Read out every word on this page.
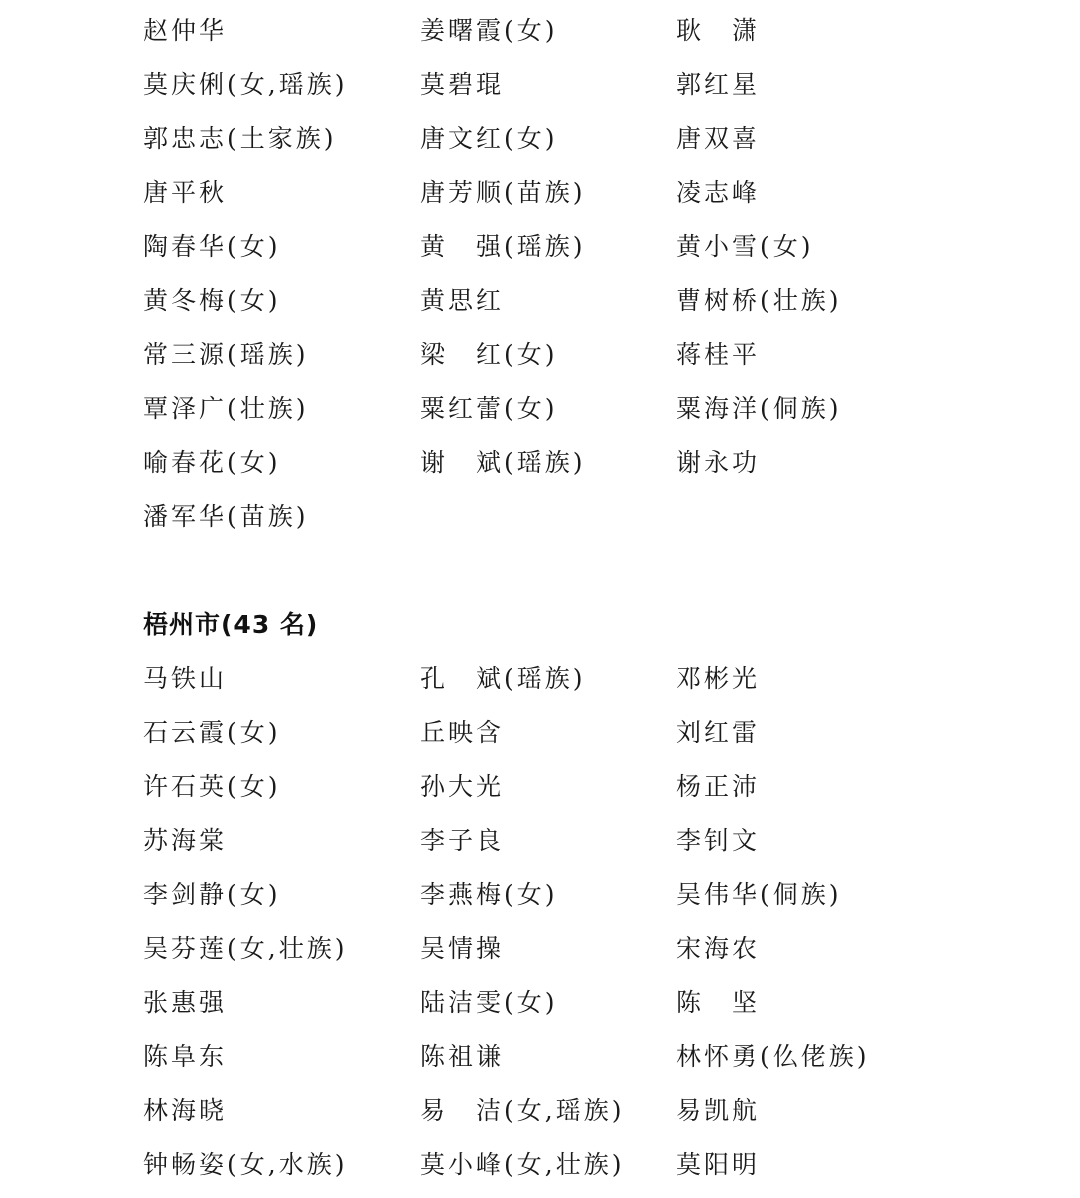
赵仲华	姜曙霞(女)	耿　潇
莫庆俐(女,瑶族)	莫碧琨	郭红星
郭忠志(土家族)	唐文红(女)	唐双喜
唐平秋	唐芳顺(苗族)	凌志峰
陶春华(女)	黄　强(瑶族)	黄小雪(女)
黄冬梅(女)	黄思红	曹树桥(壮族)
常三源(瑶族)	梁　红(女)	蒋桂平
覃泽广(壮族)	粟红蕾(女)	粟海洋(侗族)
喻春花(女)	谢　斌(瑶族)	谢永功
潘军华(苗族)
梧州市(43 名)
马铁山	孔　斌(瑶族)	邓彬光
石云霞(女)	丘映含	刘红雷
许石英(女)	孙大光	杨正沛
苏海棠	李子良	李钊文
李剑静(女)	李燕梅(女)	吴伟华(侗族)
吴芬莲(女,壮族)	吴情操	宋海农
张惠强	陆洁雯(女)	陈　坚
陈阜东	陈祖谦	林怀勇(仫佬族)
林海晓	易　洁(女,瑶族) 易凯航
钟畅姿(女,水族)	莫小峰(女,壮族) 莫阳明
